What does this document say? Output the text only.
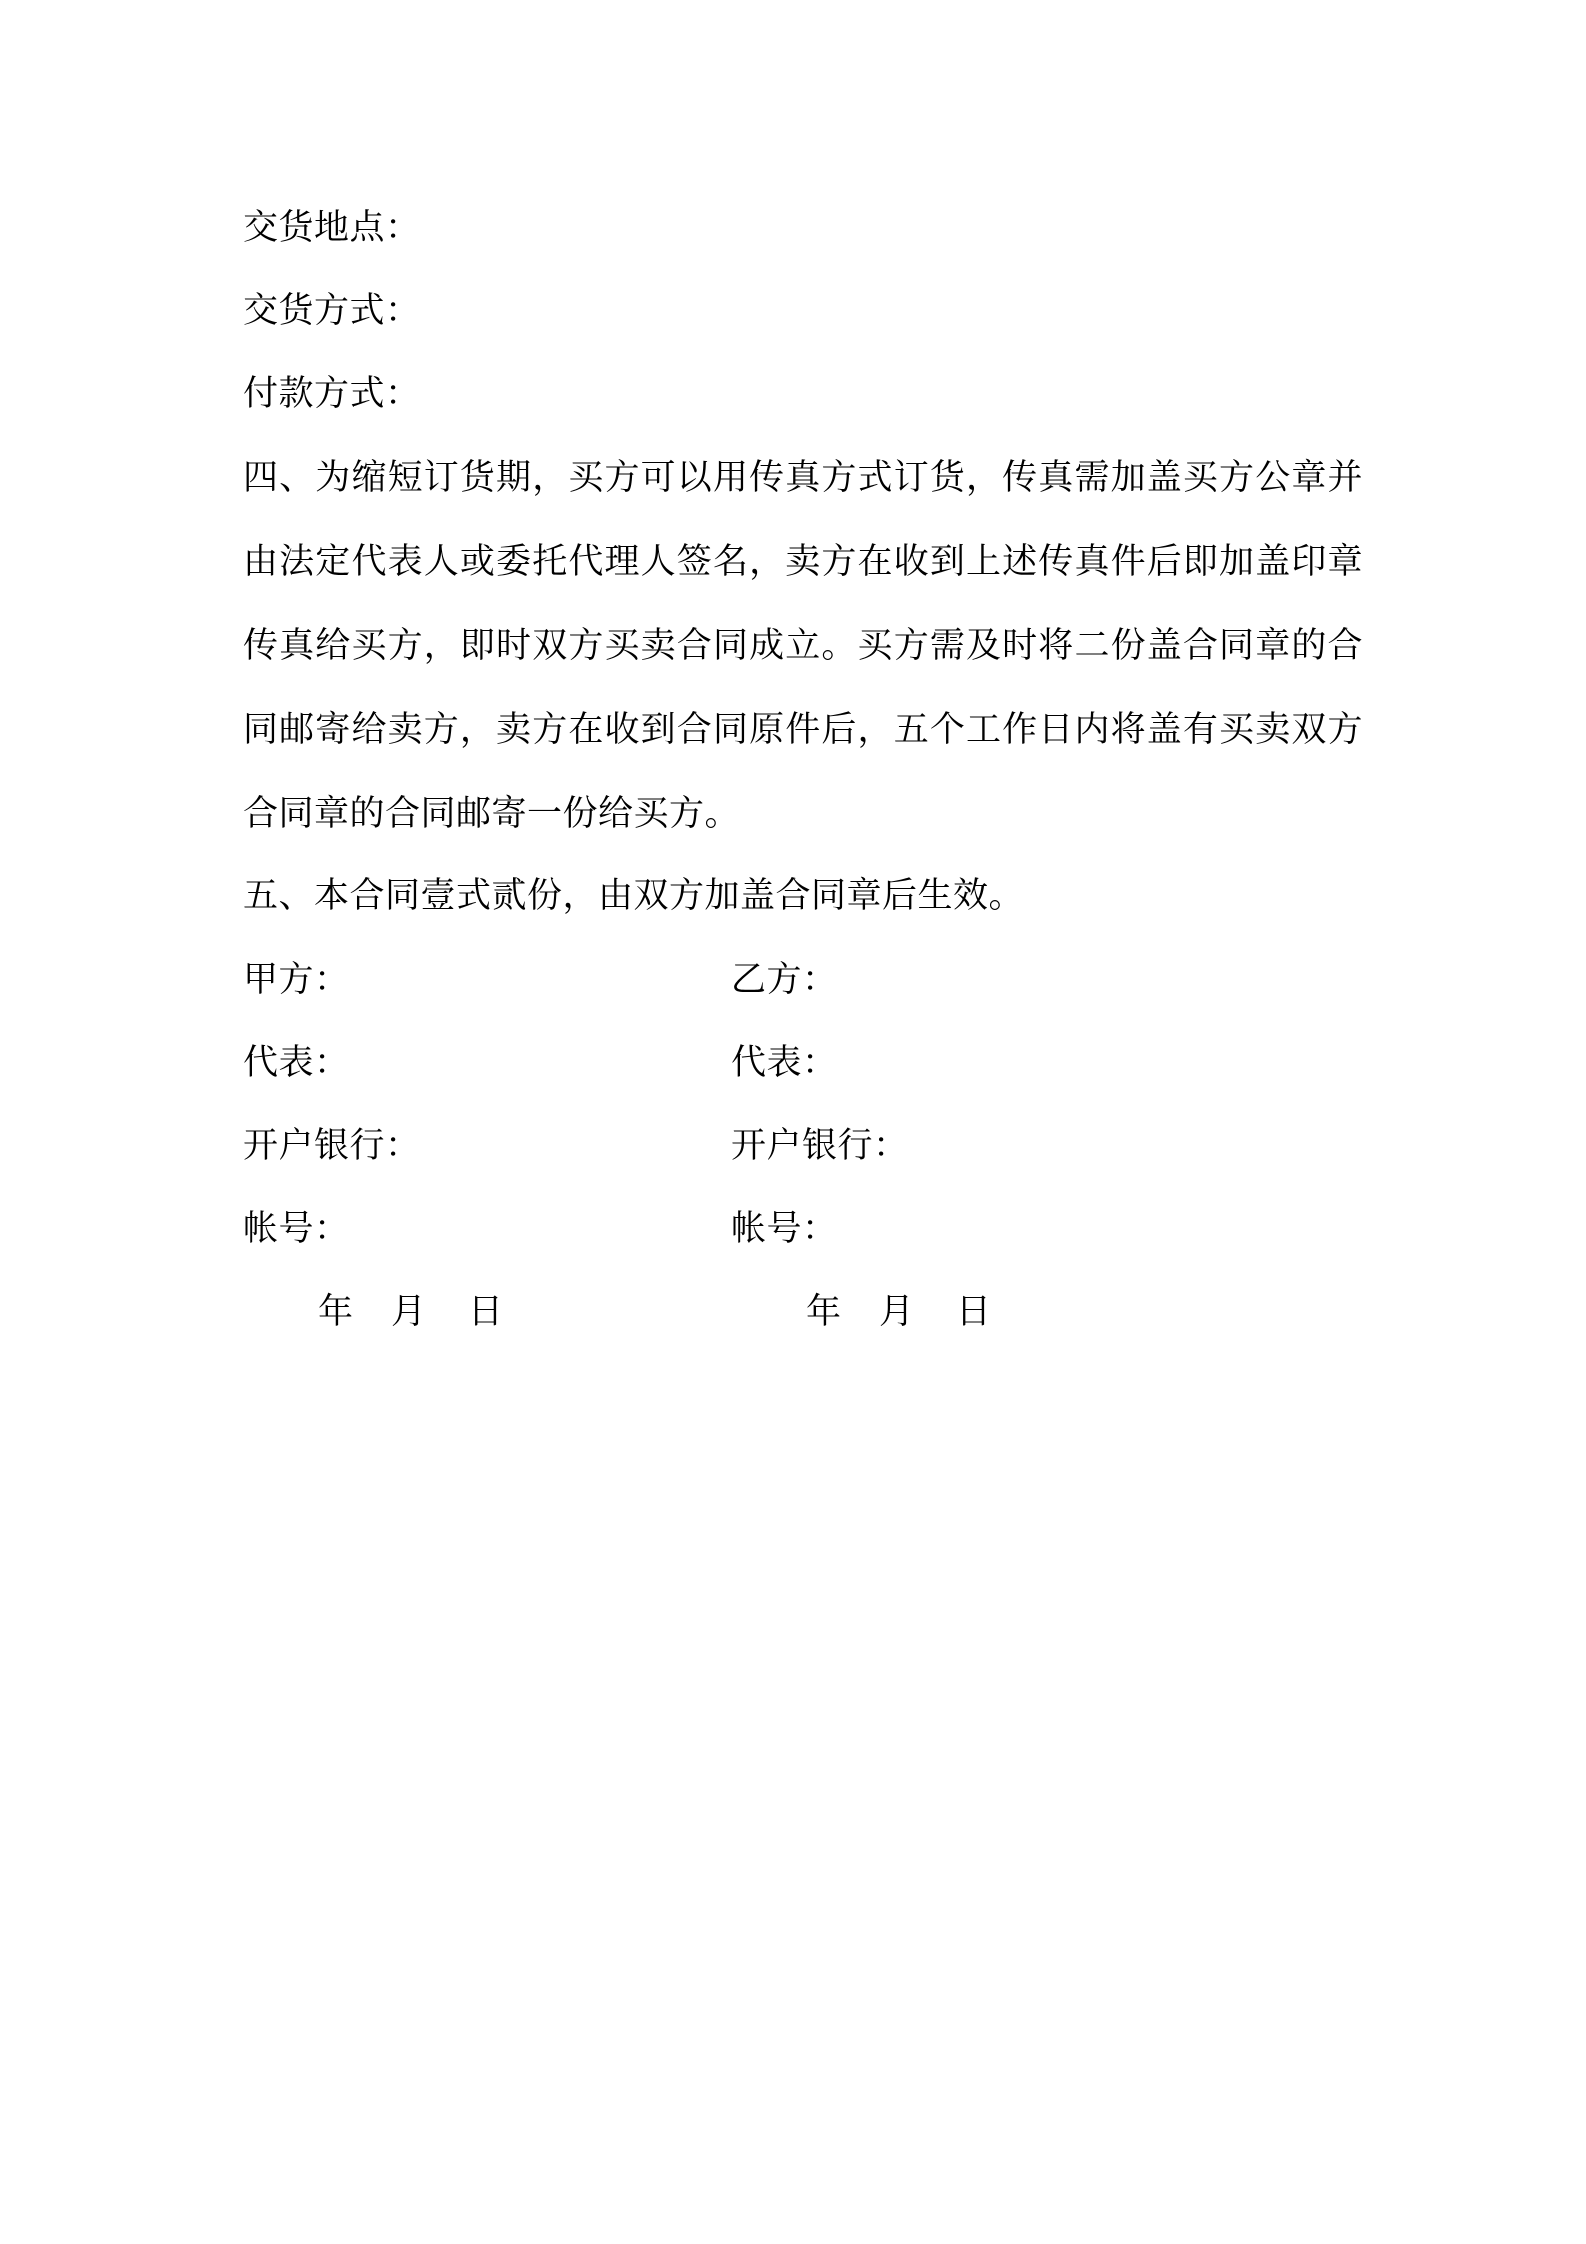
交货地点：
交货方式：
付款方式：
四、为缩短订货期，买方可以用传真方式订货，传真需加盖买方公章并由法定代表人或委托代理人签名，卖方在收到上述传真件后即加盖印章传真给买方，即时双方买卖合同成立。买方需及时将二份盖合同章的合同邮寄给卖方，卖方在收到合同原件后，五个工作日内将盖有买卖双方合同章的合同邮寄一份给买方。
五、本合同壹式贰份，由双方加盖合同章后生效。
甲方：
代表：
开户银行：
帐号：
年 月 日
乙方：
代表：
开户银行：
帐号：
年 月 日
